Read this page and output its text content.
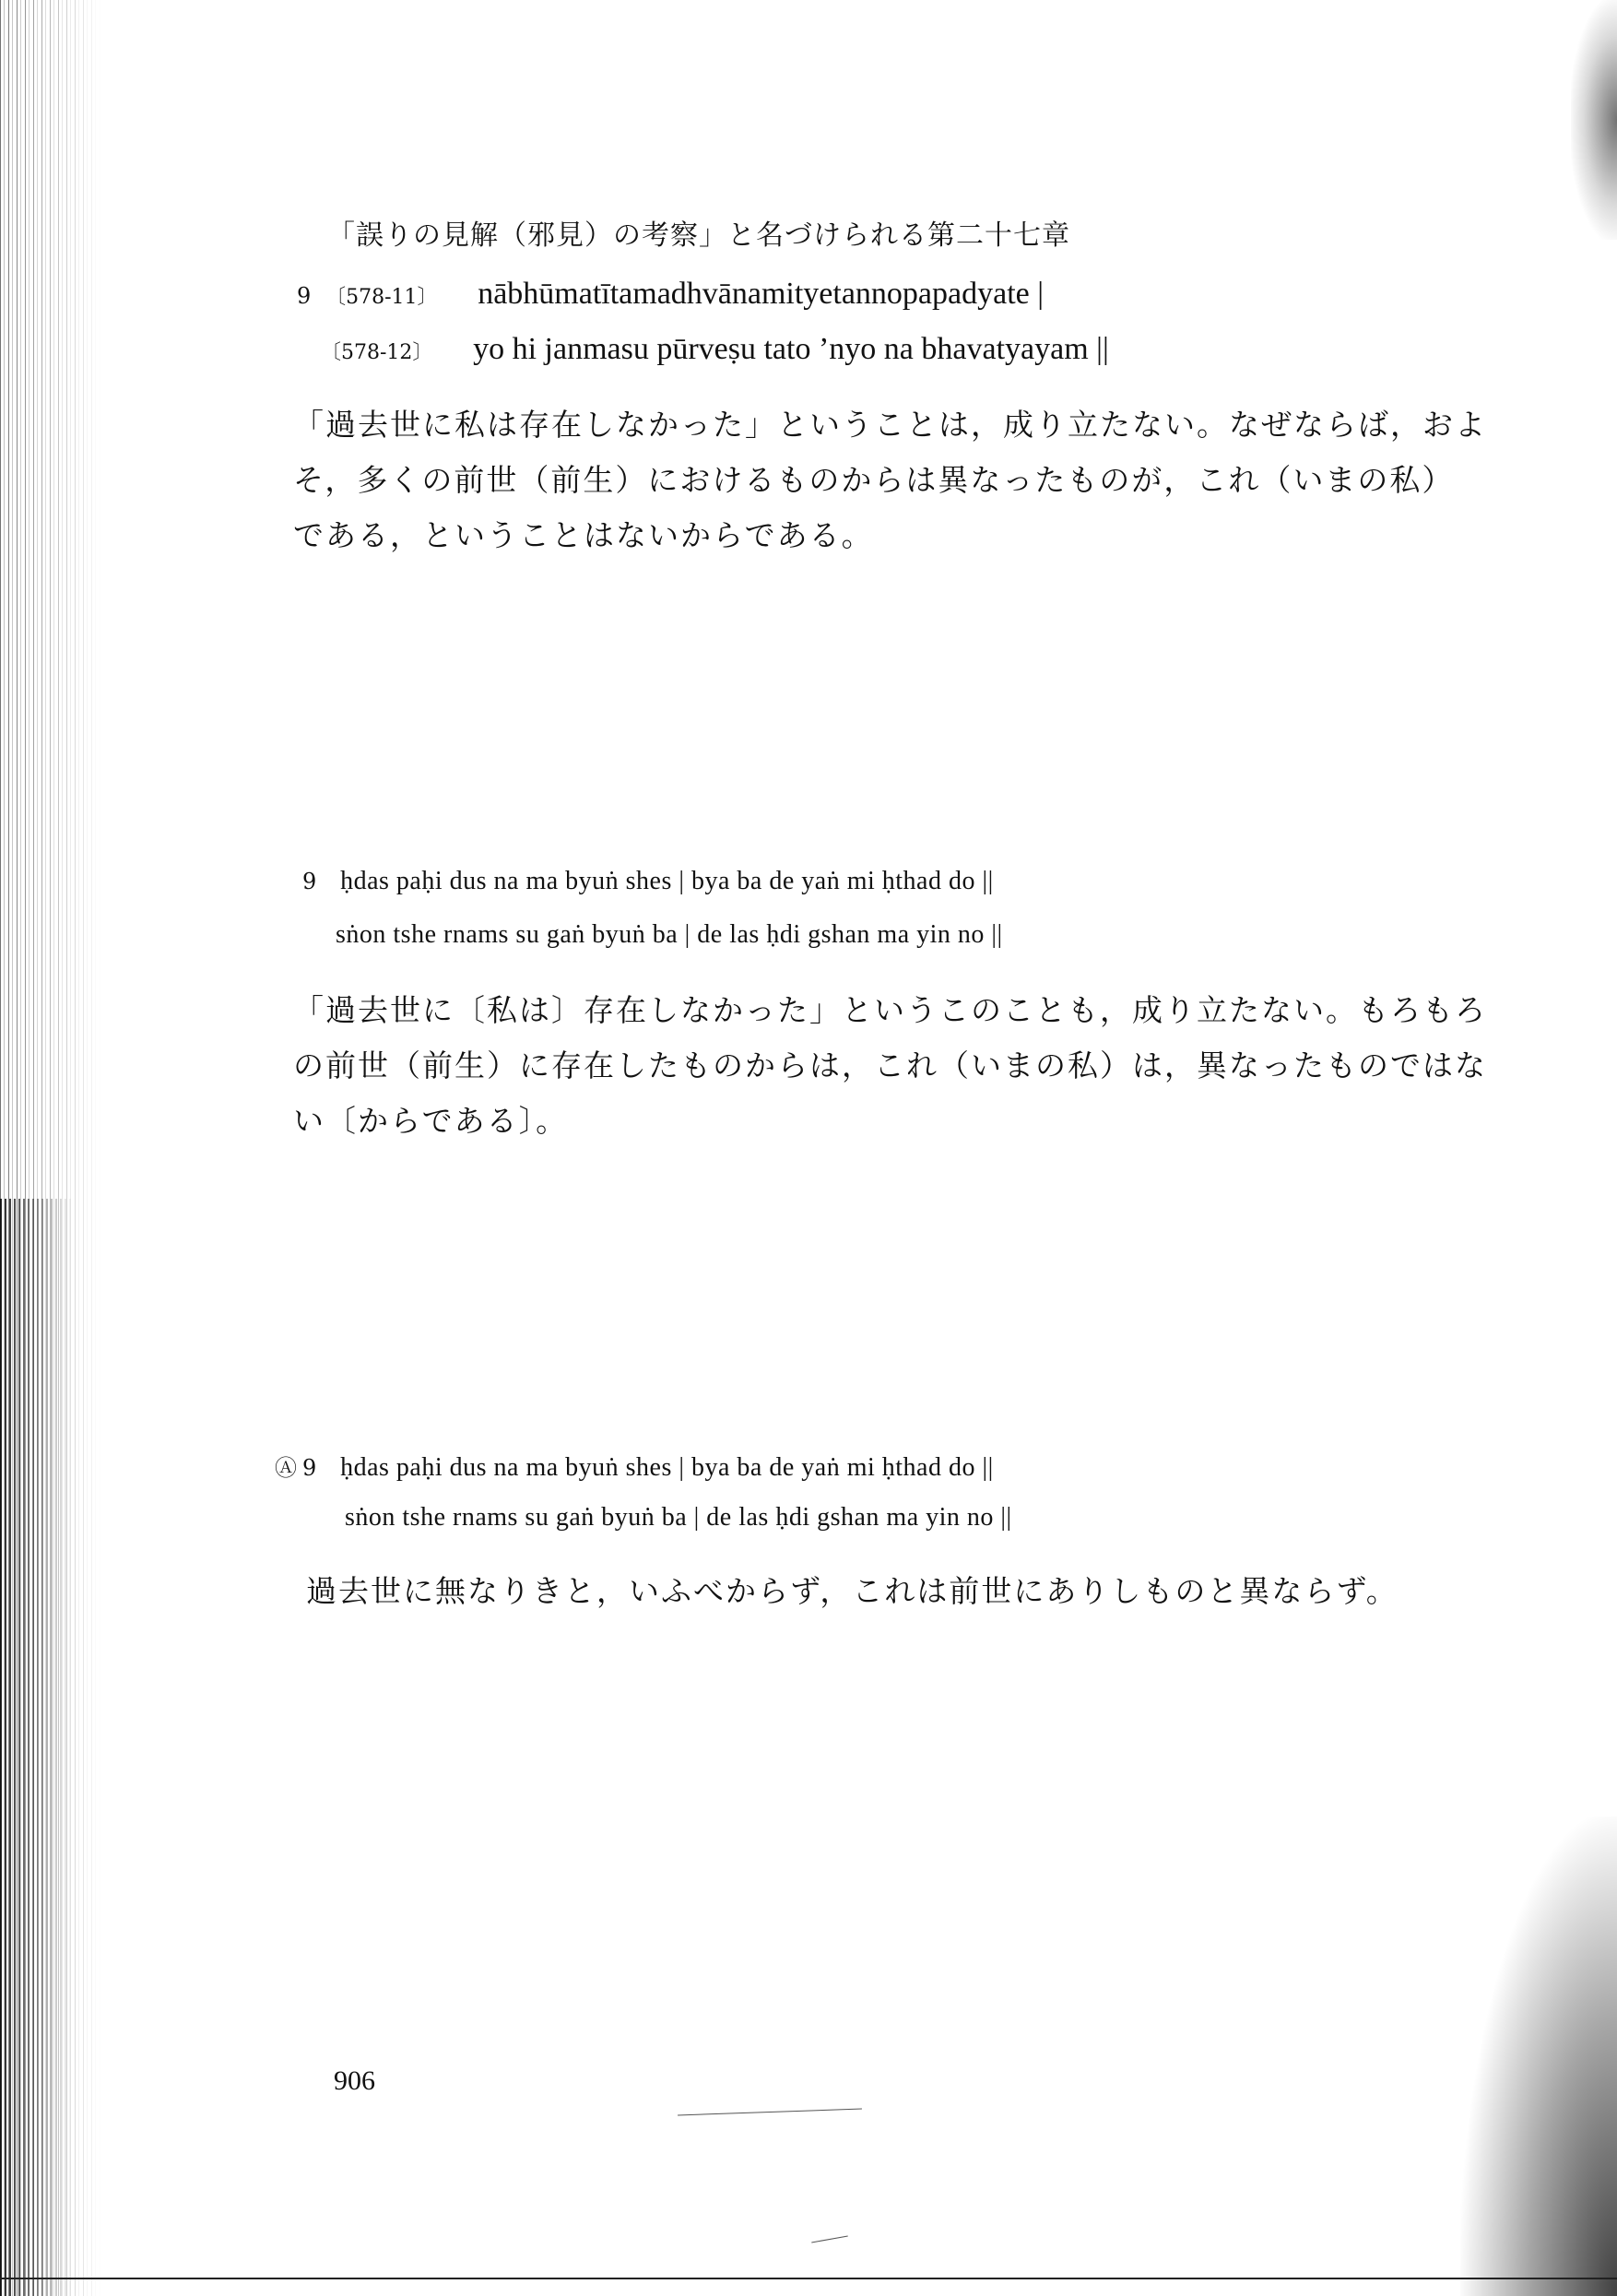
「誤りの見解（邪見）の考察」と名づけられる第二十七章
9 〔578-11〕 nābhūmatītamadhvānamityetannopapadyate |
〔578-12〕 yo hi janmasu pūrveṣu tato ’nyo na bhavatyayam ||
「過去世に私は存在しなかった」ということは，成り立たない。なぜならば，およ
そ，多くの前世（前生）におけるものからは異なったものが，これ（いまの私）
である，ということはないからである。
9 ḥdas paḥi dus na ma byuṅ shes | bya ba de yaṅ mi ḥthad do ||
sṅon tshe rnams su gaṅ byuṅ ba | de las ḥdi gshan ma yin no ||
「過去世に〔私は〕存在しなかった」というこのことも，成り立たない。もろもろ
の前世（前生）に存在したものからは，これ（いまの私）は，異なったものではな
い〔からである〕。
Ⓐ 9 ḥdas paḥi dus na ma byuṅ shes | bya ba de yaṅ mi ḥthad do ||
sṅon tshe rnams su gaṅ byuṅ ba | de las ḥdi gshan ma yin no ||
過去世に無なりきと，いふべからず，これは前世にありしものと異ならず。
906
